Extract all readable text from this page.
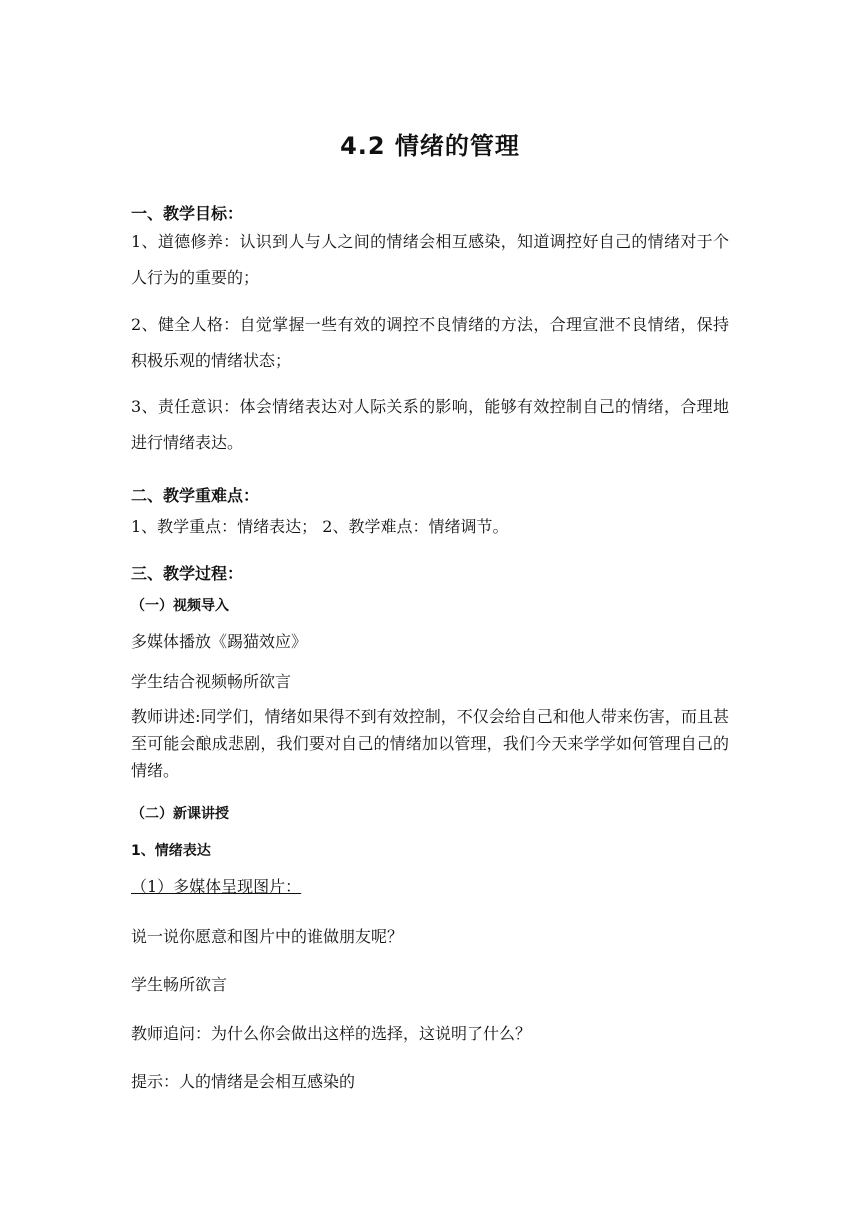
4.2 情绪的管理
一、教学目标：
1、道德修养：认识到人与人之间的情绪会相互感染，知道调控好自己的情绪对于个人行为的重要的；
2、健全人格：自觉掌握一些有效的调控不良情绪的方法，合理宣泄不良情绪，保持积极乐观的情绪状态；
3、责任意识：体会情绪表达对人际关系的影响，能够有效控制自己的情绪，合理地进行情绪表达。
二、教学重难点：
1、教学重点：情绪表达； 2、教学难点：情绪调节。
三、教学过程：
（一）视频导入
多媒体播放《踢猫效应》
学生结合视频畅所欲言
教师讲述:同学们，情绪如果得不到有效控制，不仅会给自己和他人带来伤害，而且甚至可能会酿成悲剧，我们要对自己的情绪加以管理，我们今天来学学如何管理自己的情绪。
（二）新课讲授
1、情绪表达
（1）多媒体呈现图片：
说一说你愿意和图片中的谁做朋友呢？
学生畅所欲言
教师追问：为什么你会做出这样的选择，这说明了什么？
提示：人的情绪是会相互感染的
